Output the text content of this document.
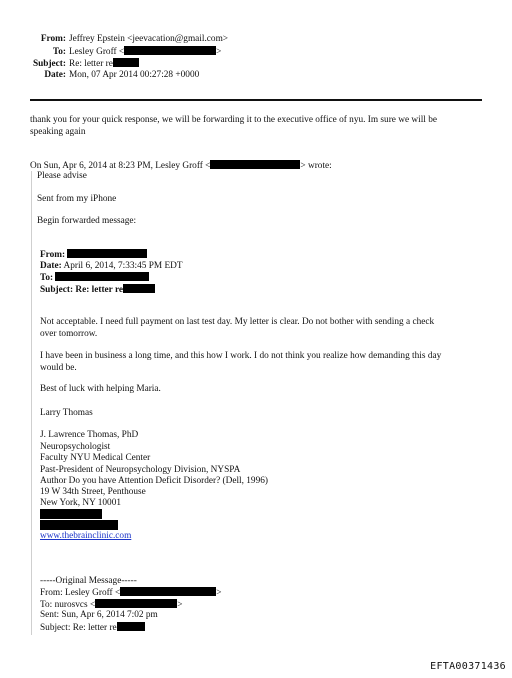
From: Jeffrey Epstein <jeevacation@gmail.com>
To: Lesley Groff <	>
Subject: Re: letter re
Date: Mon, 07 Apr 2014 00:27:28 +0000
thank you for your quick response, we will be forwarding it to the executive office of nyu. Im sure we will be
speaking again
On Sun, Apr 6, 2014 at 8:23 PM, Lesley Groff <	> wrote:
Please advise
Sent from my iPhone
Begin forwarded message:
From:
Date: April 6, 2014, 7:33:45 PM EDT
To:
Subject: Re: letter re
Not acceptable. I need full payment on last test day. My letter is clear. Do not bother with sending a check
over tomorrow.
I have been in business a long time, and this how I work. I do not think you realize how demanding this day
would be.
Best of luck with helping Maria.
Larry Thomas
J. Lawrence Thomas, PhD
Neuropsychologist
Faculty NYU Medical Center
Past-President of Neuropsychology Division, NYSPA
Author Do you have Attention Deficit Disorder? (Dell, 1996)
19 W 34th Street, Penthouse
New York, NY 10001
www.thebrainclinic.com
-----Original Message-----
From: Lesley Groff <	>
To: nurosvcs <	>
Sent: Sun, Apr 6, 2014 7:02 pm
Subject: Re: letter re
EFTA00371436
